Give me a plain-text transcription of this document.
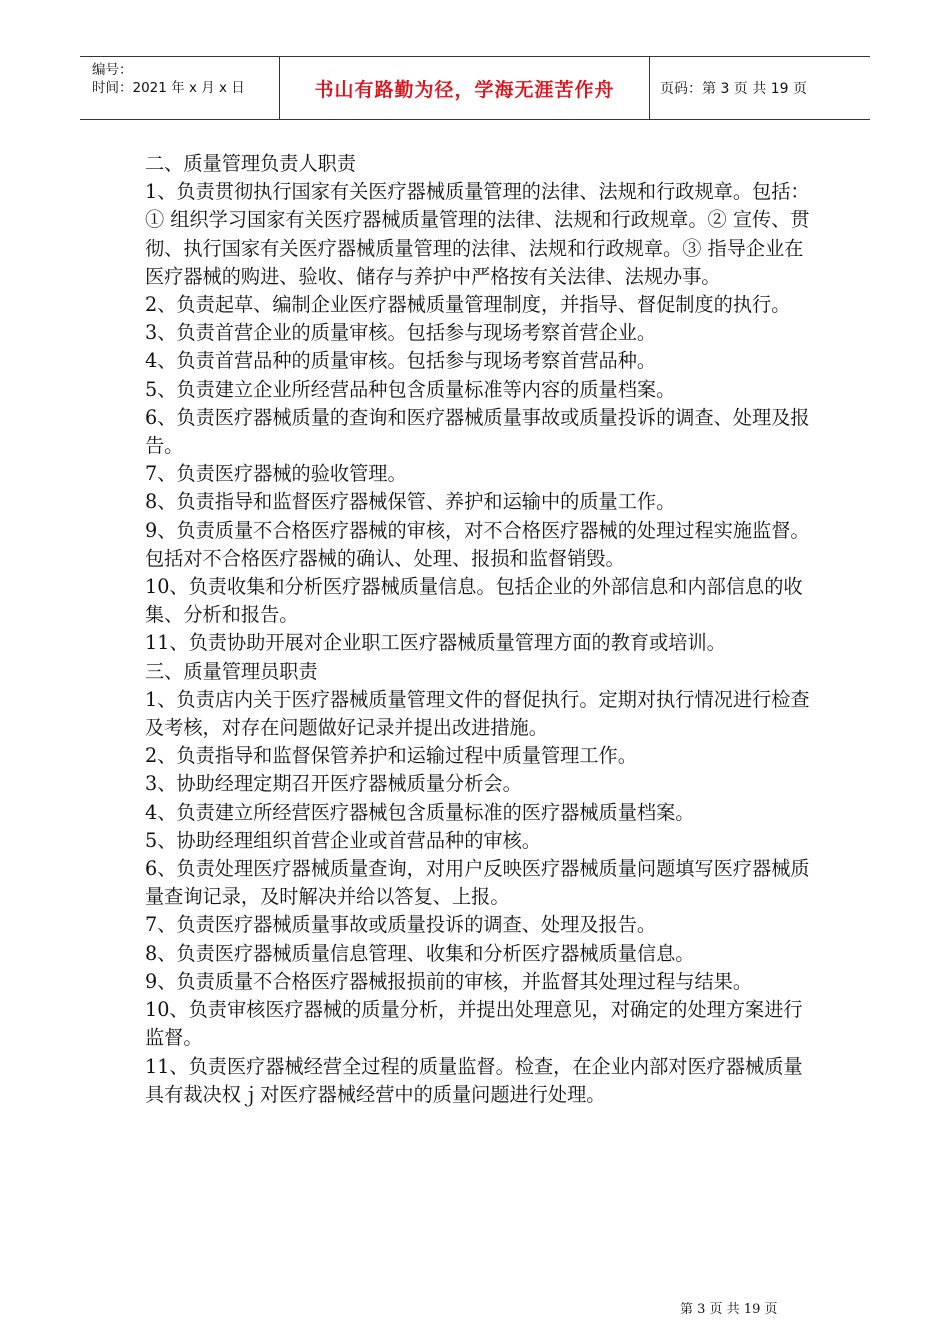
编号：
时间：2021 年 x 月 x 日	书山有路勤为径，学海无涯苦作舟	页码：第 3 页 共 19 页

二、质量管理负责人职责

1、负责贯彻执行国家有关医疗器械质量管理的法律、法规和行政规章。包括：① 组织学习国家有关医疗器械质量管理的法律、法规和行政规章。② 宣传、贯彻、执行国家有关医疗器械质量管理的法律、法规和行政规章。③ 指导企业在医疗器械的购进、验收、储存与养护中严格按有关法律、法规办事。

2、负责起草、编制企业医疗器械质量管理制度，并指导、督促制度的执行。

3、负责首营企业的质量审核。包括参与现场考察首营企业。

4、负责首营品种的质量审核。包括参与现场考察首营品种。

5、负责建立企业所经营品种包含质量标准等内容的质量档案。

6、负责医疗器械质量的查询和医疗器械质量事故或质量投诉的调查、处理及报告。

7、负责医疗器械的验收管理。

8、负责指导和监督医疗器械保管、养护和运输中的质量工作。

9、负责质量不合格医疗器械的审核，对不合格医疗器械的处理过程实施监督。包括对不合格医疗器械的确认、处理、报损和监督销毁。

10、负责收集和分析医疗器械质量信息。包括企业的外部信息和内部信息的收集、分析和报告。

11、负责协助开展对企业职工医疗器械质量管理方面的教育或培训。

三、质量管理员职责

1、负责店内关于医疗器械质量管理文件的督促执行。定期对执行情况进行检查及考核，对存在问题做好记录并提出改进措施。

2、负责指导和监督保管养护和运输过程中质量管理工作。

3、协助经理定期召开医疗器械质量分析会。

4、负责建立所经营医疗器械包含质量标准的医疗器械质量档案。

5、协助经理组织首营企业或首营品种的审核。

6、负责处理医疗器械质量查询，对用户反映医疗器械质量问题填写医疗器械质量查询记录，及时解决并给以答复、上报。

7、负责医疗器械质量事故或质量投诉的调查、处理及报告。

8、负责医疗器械质量信息管理、收集和分析医疗器械质量信息。

9、负责质量不合格医疗器械报损前的审核，并监督其处理过程与结果。

10、负责审核医疗器械的质量分析，并提出处理意见，对确定的处理方案进行监督。

11、负责医疗器械经营全过程的质量监督。检查，在企业内部对医疗器械质量具有裁决权ｊ对医疗器械经营中的质量问题进行处理。

第 3 页 共 19 页
